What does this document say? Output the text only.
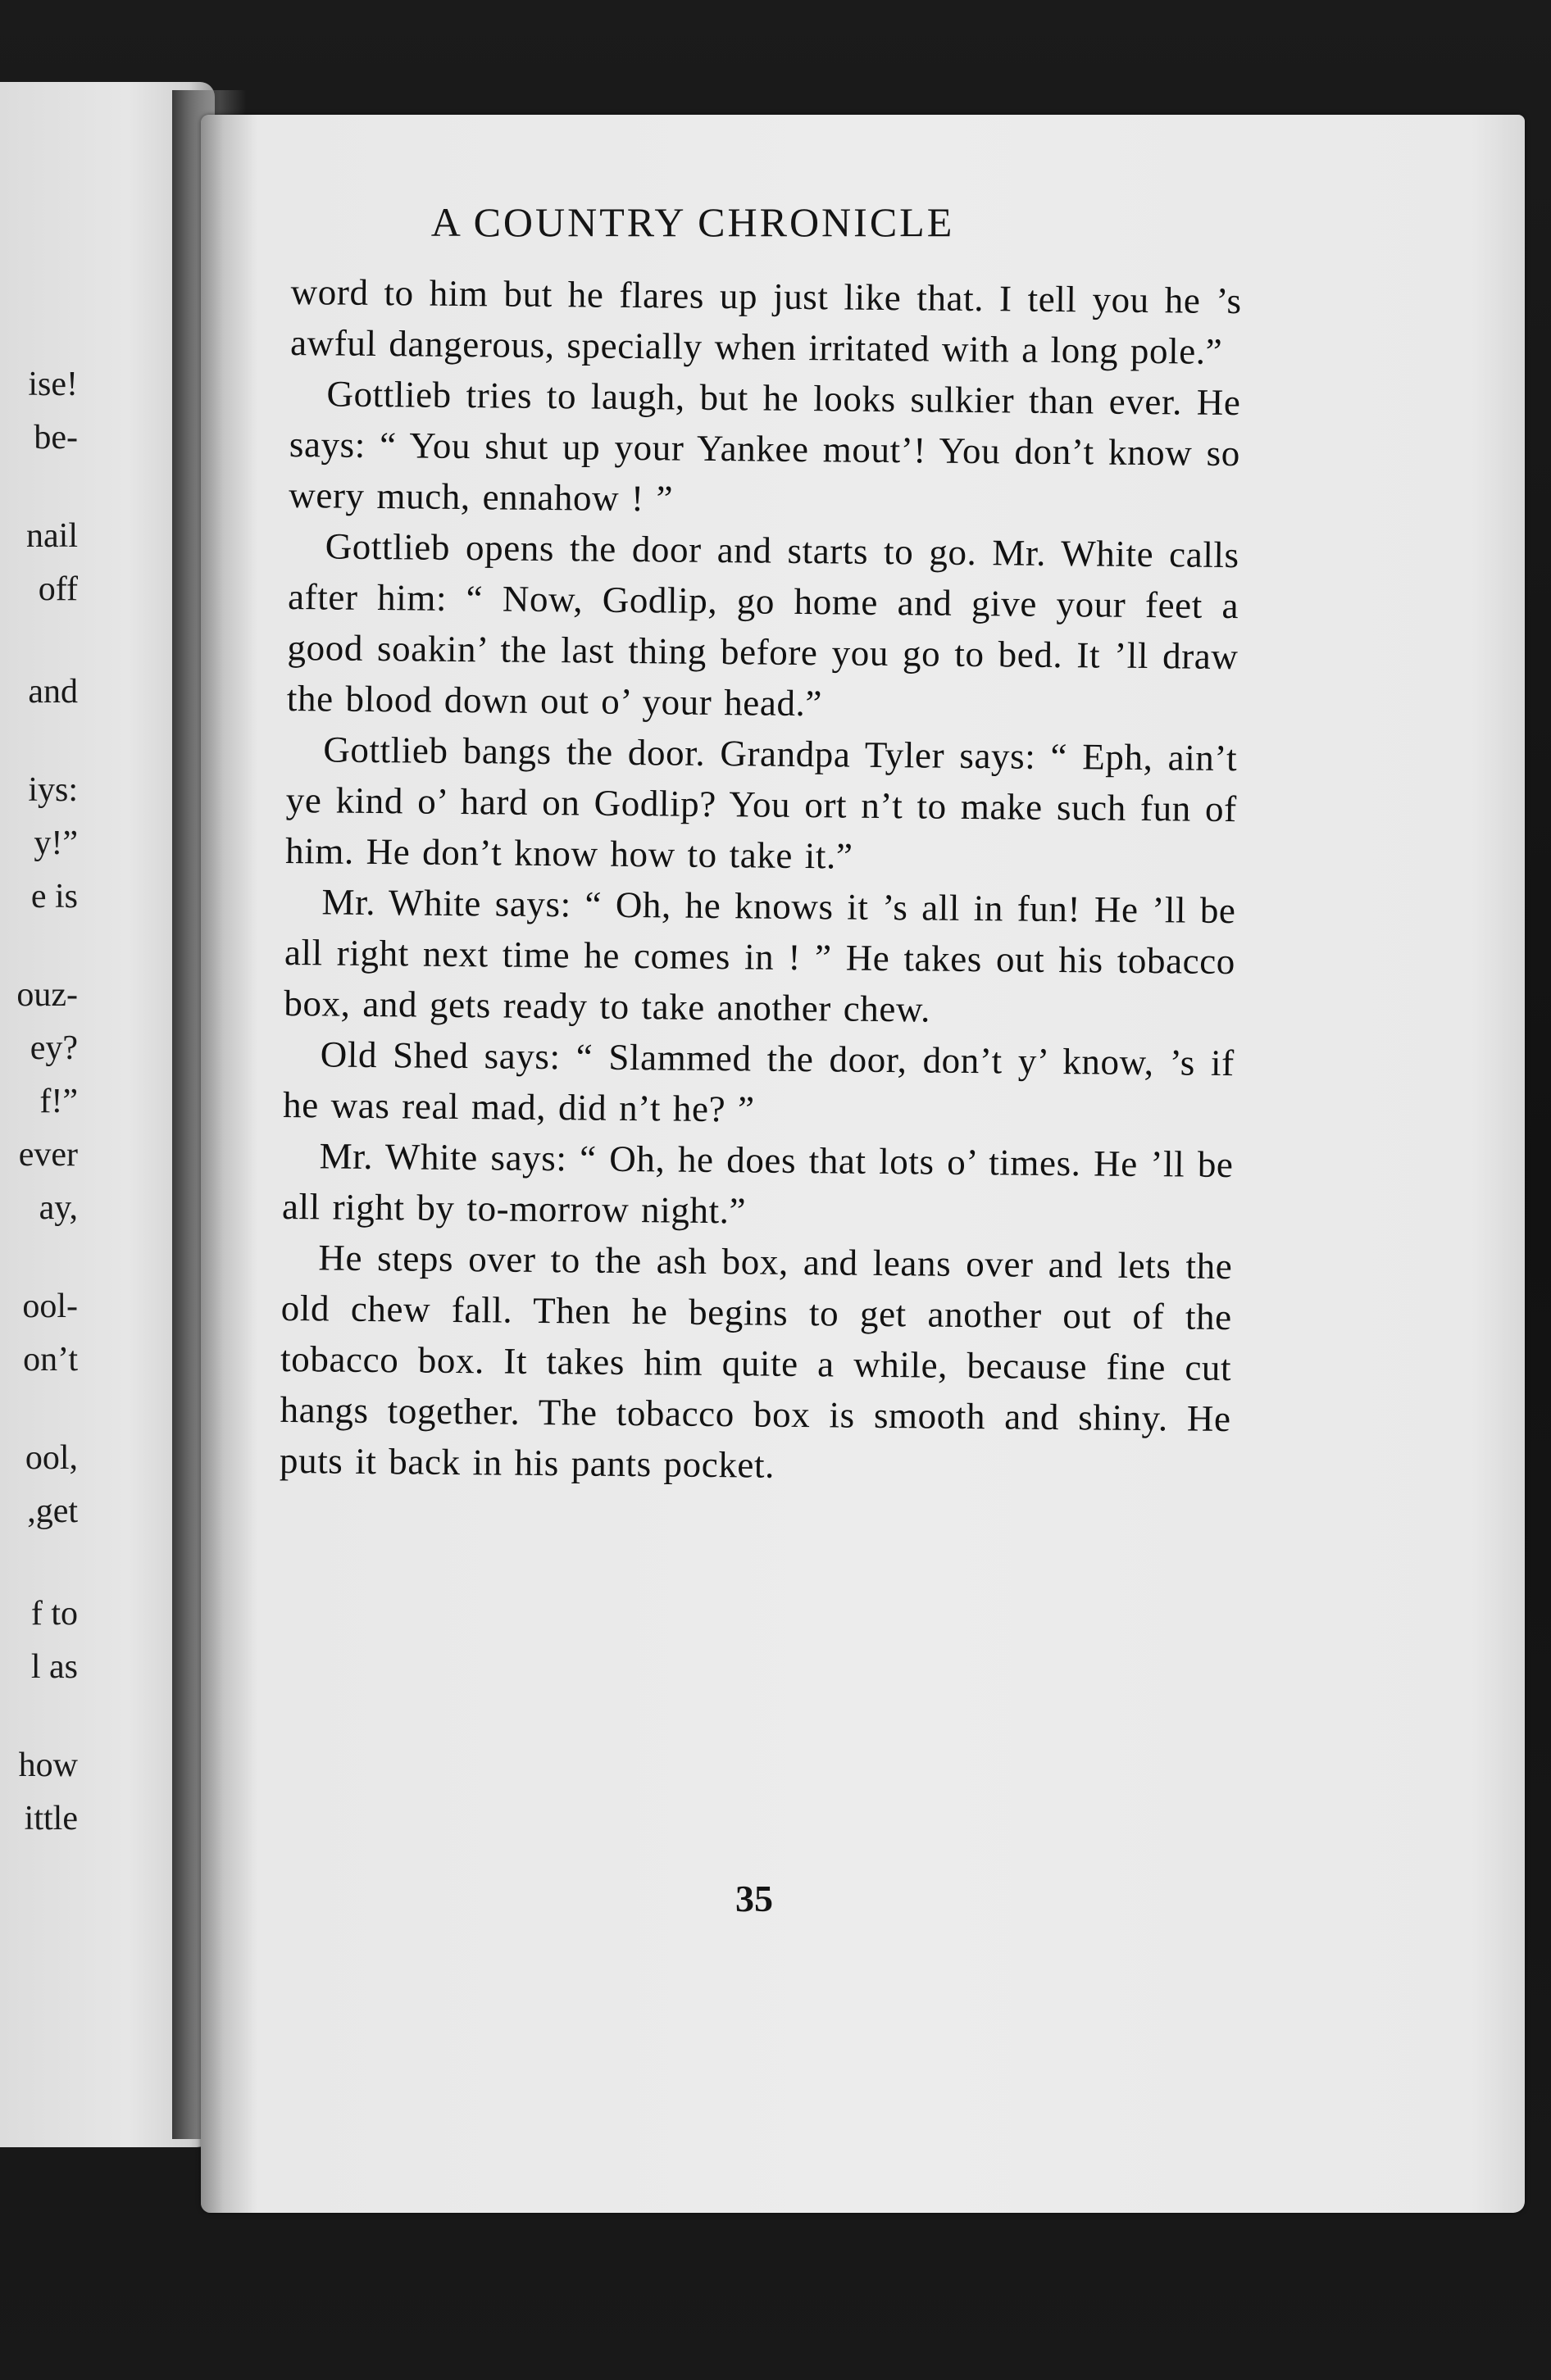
ise!
be-
nail
off
and
iys:
y!”
e is
ouz-
ey?
f!”
ever
ay,
ool-
on’t
ool,
,get
f to
l as
how
ittle
A COUNTRY CHRONICLE

word to him but he flares up just like that. I tell you he ’s awful dangerous, specially when irritated with a long pole.”

Gottlieb tries to laugh, but he looks sulkier than ever. He says: “ You shut up your Yankee mout’! You don’t know so wery much, ennahow ! ”

Gottlieb opens the door and starts to go. Mr. White calls after him: “ Now, Godlip, go home and give your feet a good soakin’ the last thing before you go to bed. It ’ll draw the blood down out o’ your head.”

Gottlieb bangs the door. Grandpa Tyler says: “ Eph, ain’t ye kind o’ hard on Godlip? You ort n’t to make such fun of him. He don’t know how to take it.”

Mr. White says: “ Oh, he knows it ’s all in fun! He ’ll be all right next time he comes in ! ” He takes out his tobacco box, and gets ready to take another chew.

Old Shed says: “ Slammed the door, don’t y’ know, ’s if he was real mad, did n’t he? ”

Mr. White says: “ Oh, he does that lots o’ times. He ’ll be all right by to-morrow night.”

He steps over to the ash box, and leans over and lets the old chew fall. Then he begins to get another out of the tobacco box. It takes him quite a while, because fine cut hangs together. The tobacco box is smooth and shiny. He puts it back in his pants pocket.

35
